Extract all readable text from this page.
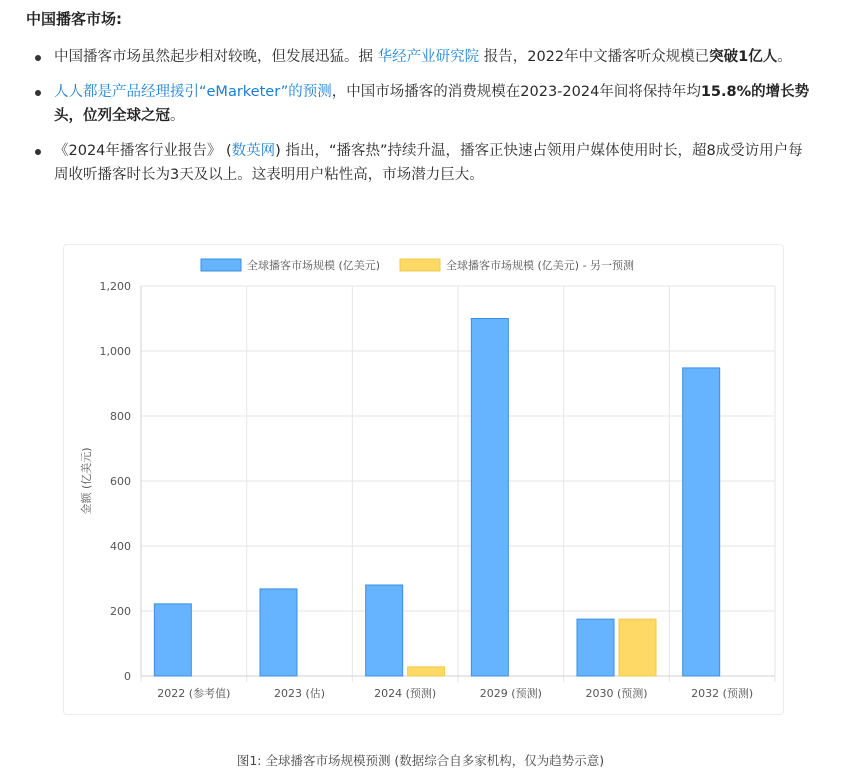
中国播客市场:
中国播客市场虽然起步相对较晚，但发展迅猛。据 华经产业研究院 报告，2022年中文播客听众规模已突破1亿人。
人人都是产品经理援引“eMarketer”的预测，中国市场播客的消费规模在2023-2024年间将保持年均15.8%的增长势头，位列全球之冠。
《2024年播客行业报告》 (数英网) 指出，“播客热”持续升温，播客正快速占领用户媒体使用时长，超8成受访用户每周收听播客时长为3天及以上。这表明用户粘性高，市场潜力巨大。
0
200
400
600
800
1,000
1,200
2022 (参考值)	2023 (估)	2024 (预测)	2029 (预测)	2030 (预测)	2032 (预测)
金额 (亿美元)
全球播客市场规模 (亿美元)	全球播客市场规模 (亿美元) - 另一预测
图1: 全球播客市场规模预测 (数据综合自多家机构，仅为趋势示意)
